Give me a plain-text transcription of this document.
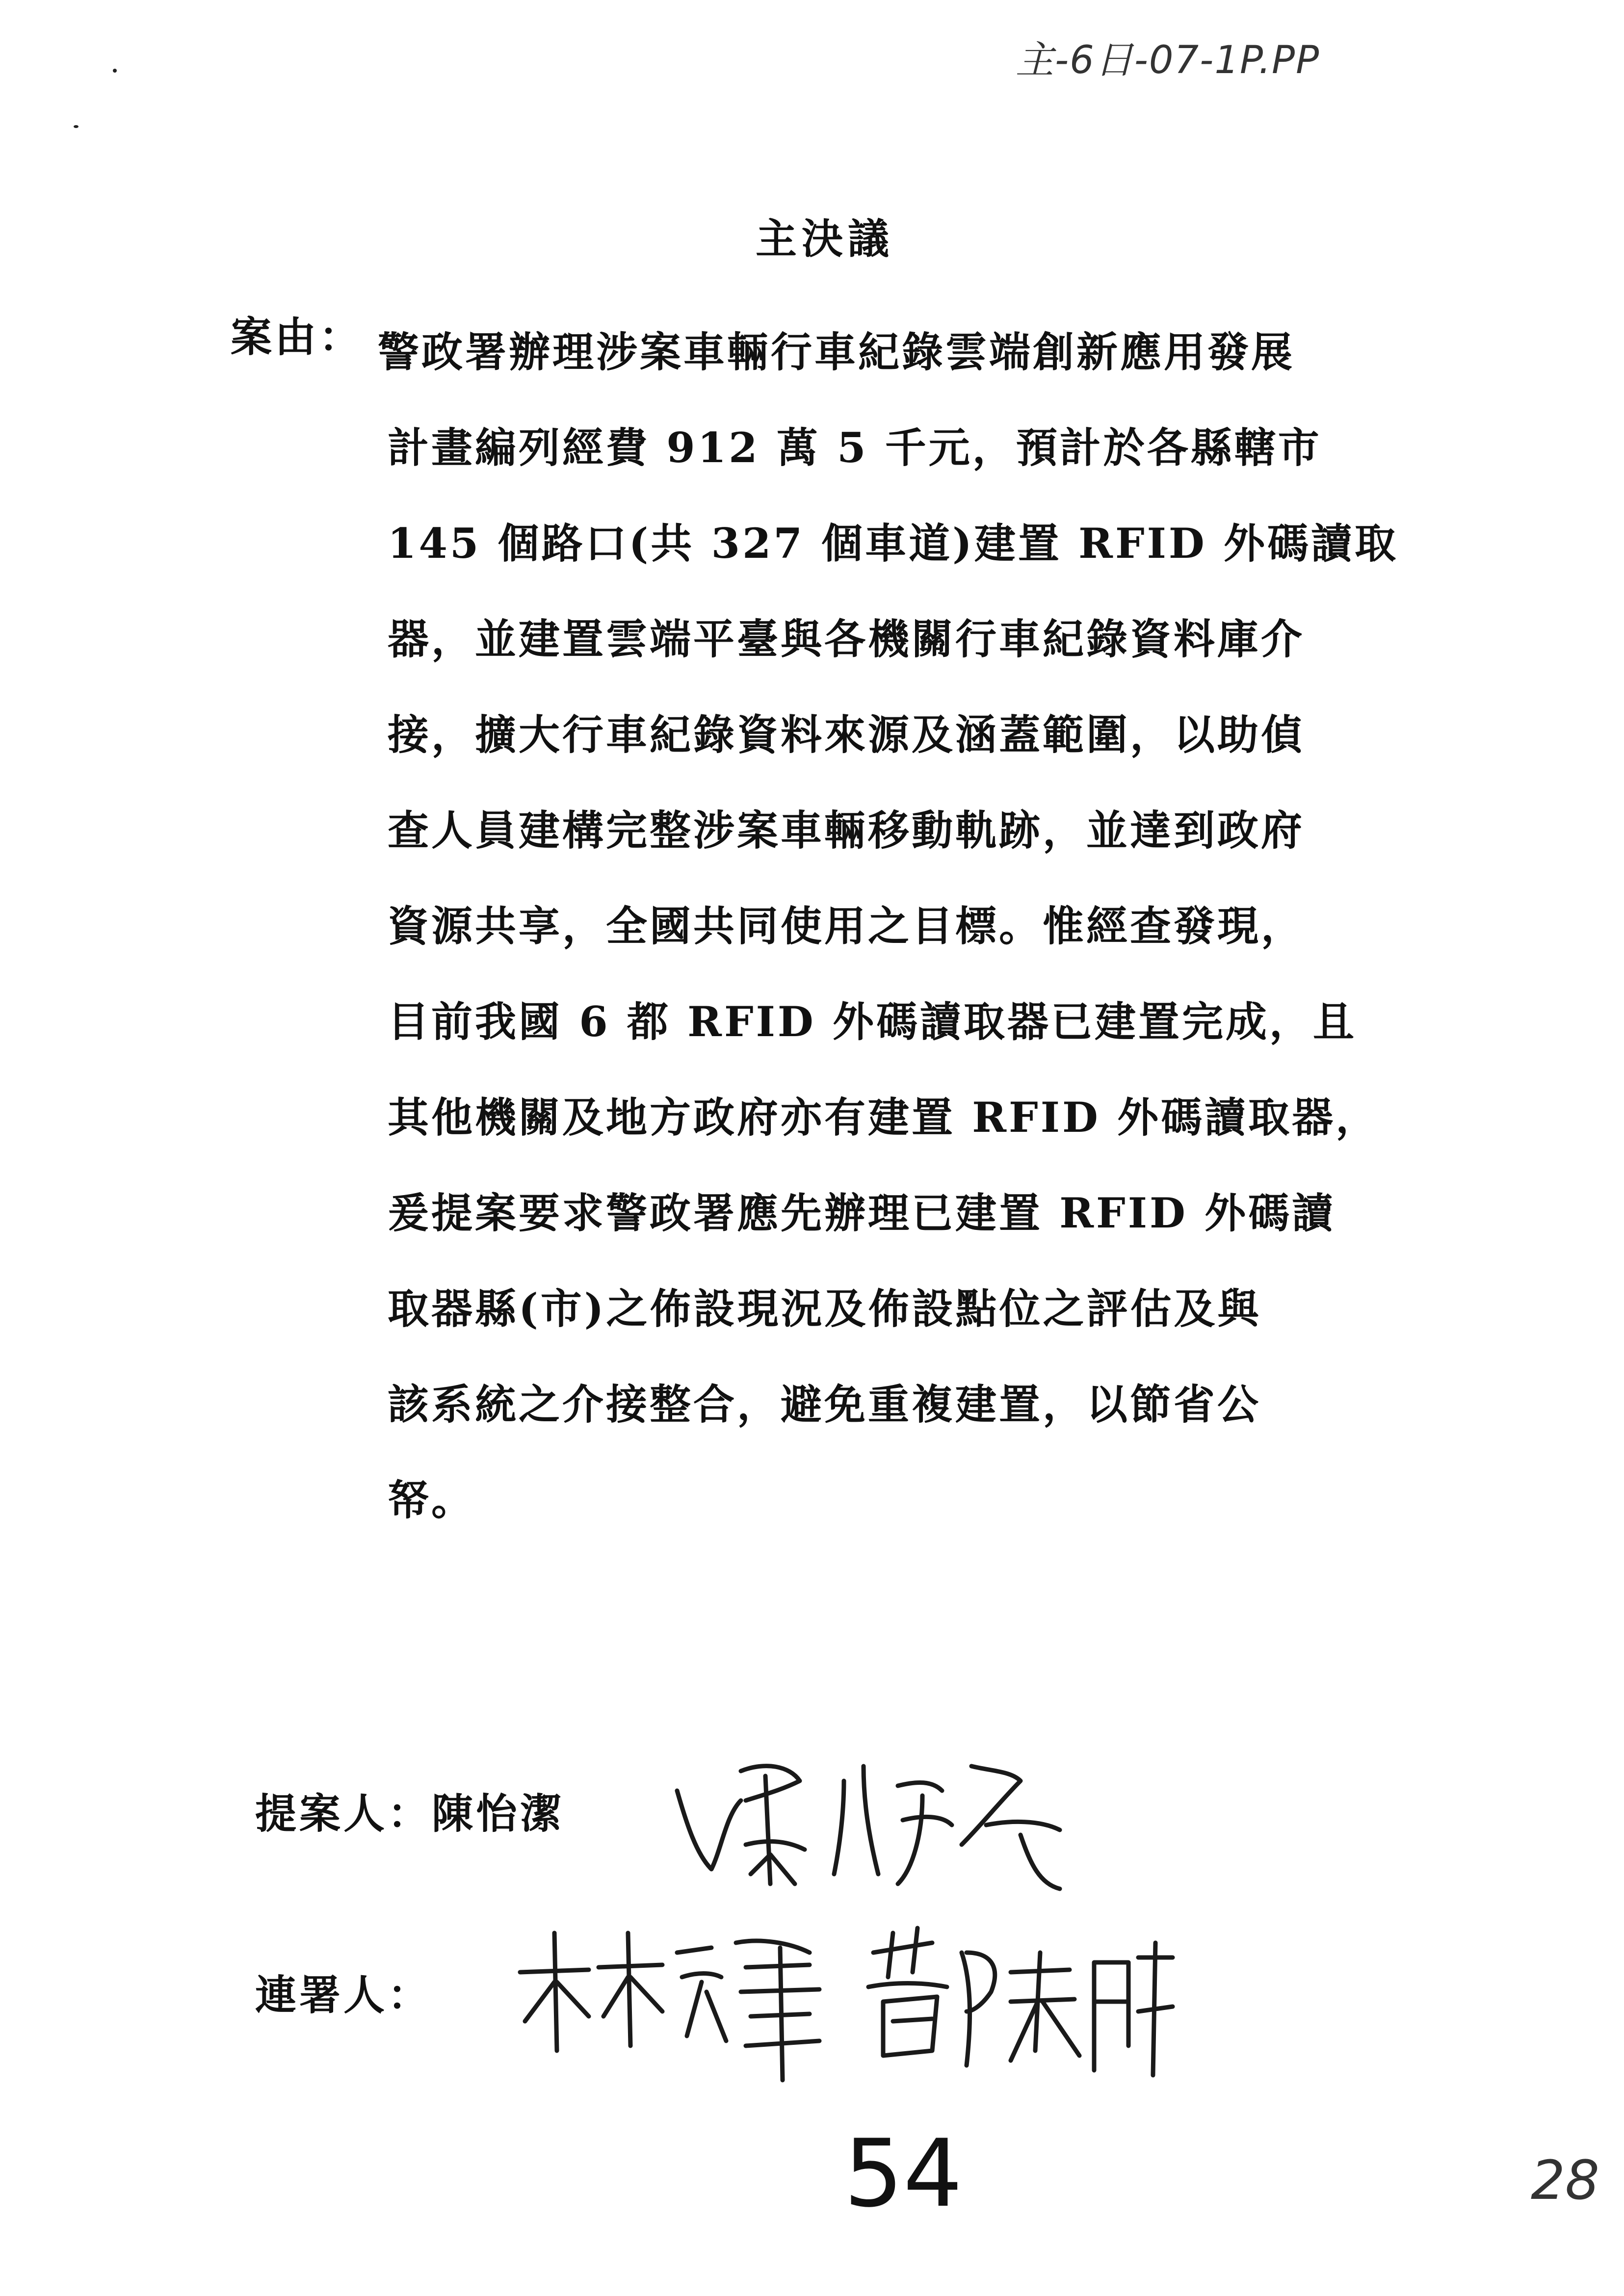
主-6日-07-1P.PP
主決議
案由： 警政署辦理涉案車輛行車紀錄雲端創新應用發展
計畫編列經費 912 萬 5 千元，預計於各縣轄市
145 個路口(共 327 個車道)建置 RFID 外碼讀取
器，並建置雲端平臺與各機關行車紀錄資料庫介
接，擴大行車紀錄資料來源及涵蓋範圍，以助偵
查人員建構完整涉案車輛移動軌跡，並達到政府
資源共享，全國共同使用之目標。惟經查發現，
目前我國 6 都 RFID 外碼讀取器已建置完成，且
其他機關及地方政府亦有建置 RFID 外碼讀取器，
爰提案要求警政署應先辦理已建置 RFID 外碼讀
取器縣(市)之佈設現況及佈設點位之評估及與
該系統之介接整合，避免重複建置，以節省公
帑。
提案人：陳怡潔
連署人：
54	28
